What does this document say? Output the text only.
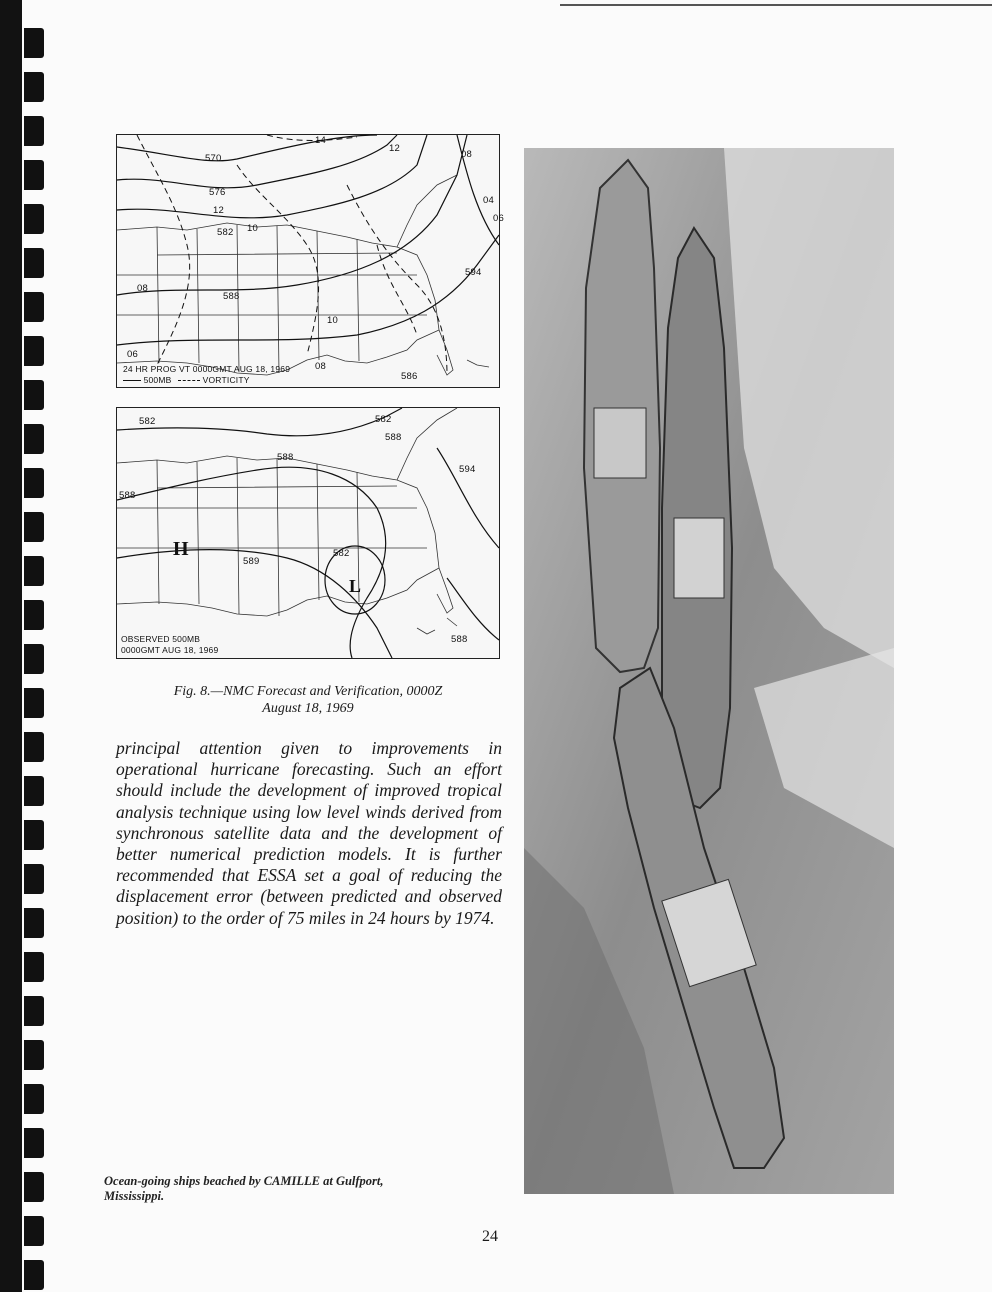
570
576
582
588
594
586
14
12
10
08
06
04
12
10
08
08
06
24 HR PROG VT 0000GMT AUG 18, 1969
500MB	VORTICITY
582	582
588
594
588
589
582
588
588
H
L
OBSERVED 500MB
0000GMT AUG 18, 1969
Fig. 8.—NMC Forecast and Verification, 0000Z
August 18, 1969
principal attention given to improvements in operational hurricane forecasting. Such an effort should include the development of improved tropical analysis technique using low level winds derived from synchronous satellite data and the development of better numerical prediction models. It is further recommended that ESSA set a goal of reducing the displacement error (between predicted and observed position) to the order of 75 miles in 24 hours by 1974.
Ocean-going ships beached by CAMILLE at Gulfport,
Mississippi.
24
